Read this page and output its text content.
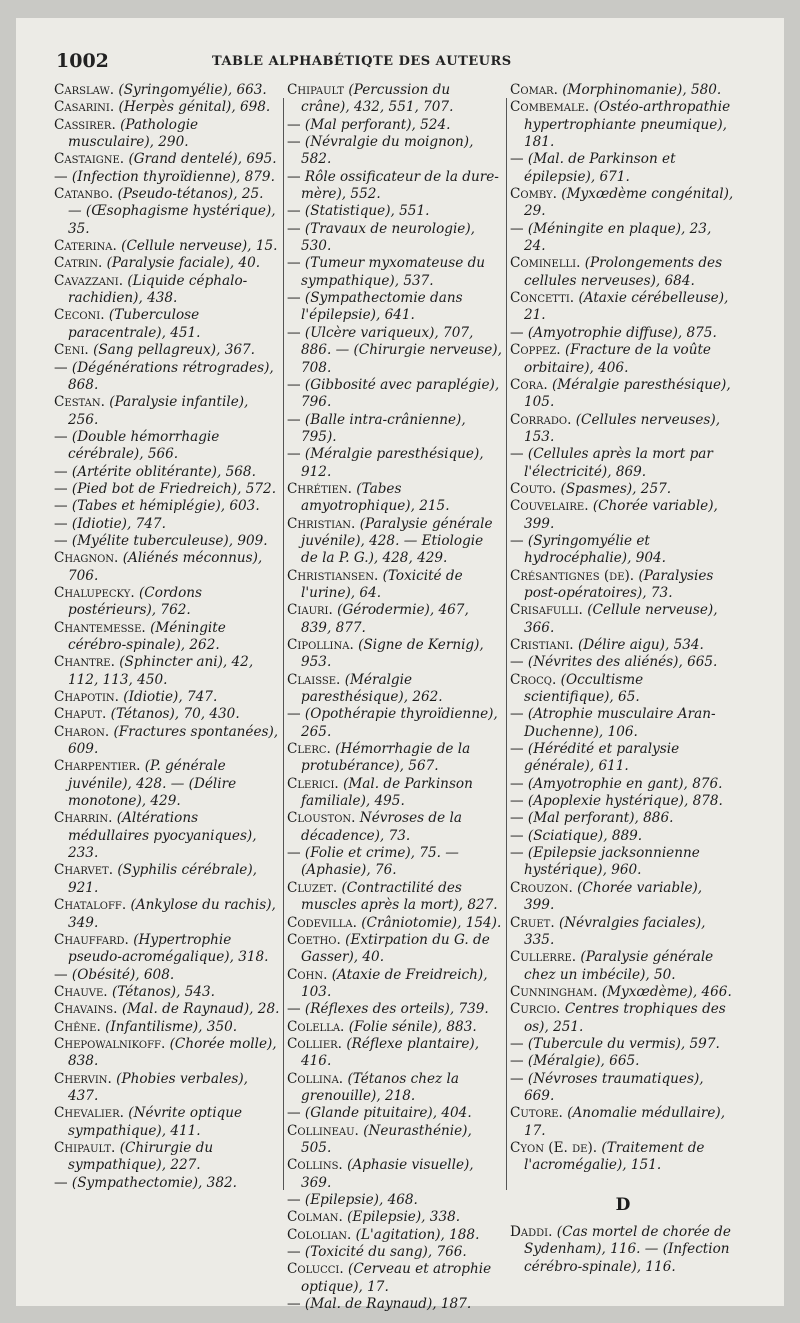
1002	TABLE ALPHABÉTIQTE DES AUTEURS

Carslaw. (Syringomyélie), 663.

Casarini. (Herpès génital), 698.

Cassirer. (Pathologie musculaire), 290.

Castaigne. (Grand dentelé), 695.

— (Infection thyroïdienne), 879.

Catanbo. (Pseudo-tétanos), 25. — (Œsophagisme hystérique), 35.

Caterina. (Cellule nerveuse), 15.

Catrin. (Paralysie faciale), 40.

Cavazzani. (Liquide céphalo-rachidien), 438.

Ceconi. (Tuberculose paracentrale), 451.

Ceni. (Sang pellagreux), 367.

— (Dégénérations rétrogrades), 868.

Cestan. (Paralysie infantile), 256.

— (Double hémorrhagie cérébrale), 566.

— (Artérite oblitérante), 568.

— (Pied bot de Friedreich), 572.

— (Tabes et hémiplégie), 603.

— (Idiotie), 747.

— (Myélite tuberculeuse), 909.

Chagnon. (Aliénés méconnus), 706.

Chalupecky. (Cordons postérieurs), 762.

Chantemesse. (Méningite cérébro-spinale), 262.

Chantre. (Sphincter ani), 42, 112, 113, 450.

Chapotin. (Idiotie), 747.

Chaput. (Tétanos), 70, 430.

Charon. (Fractures spontanées), 609.

Charpentier. (P. générale juvénile), 428. — (Délire monotone), 429.

Charrin. (Altérations médullaires pyocyaniques), 233.

Charvet. (Syphilis cérébrale), 921.

Chataloff. (Ankylose du rachis), 349.

Chauffard. (Hypertrophie pseudo-acromégalique), 318.

— (Obésité), 608.

Chauve. (Tétanos), 543.

Chavains. (Mal. de Raynaud), 28.

Chêne. (Infantilisme), 350.

Chepowalnikoff. (Chorée molle), 838.

Chervin. (Phobies verbales), 437.

Chevalier. (Névrite optique sympathique), 411.

Chipault. (Chirurgie du sympathique), 227.

— (Sympathectomie), 382.

Chipault (Percussion du crâne), 432, 551, 707.

— (Mal perforant), 524.

— (Névralgie du moignon), 582.

— Rôle ossificateur de la dure-mère), 552.

— (Statistique), 551.

— (Travaux de neurologie), 530.

— (Tumeur myxomateuse du sympathique), 537.

— (Sympathectomie dans l'épilepsie), 641.

— (Ulcère variqueux), 707, 886. — (Chirurgie nerveuse), 708.

— (Gibbosité avec paraplégie), 796.

— (Balle intra-crânienne), 795).

— (Méralgie paresthésique), 912.

Chrétien. (Tabes amyotrophique), 215.

Christian. (Paralysie générale juvénile), 428. — Etiologie de la P. G.), 428, 429.

Christiansen. (Toxicité de l'urine), 64.

Ciauri. (Gérodermie), 467, 839, 877.

Cipollina. (Signe de Kernig), 953.

Claisse. (Méralgie paresthésique), 262.

— (Opothérapie thyroïdienne), 265.

Clerc. (Hémorrhagie de la protubérance), 567.

Clerici. (Mal. de Parkinson familiale), 495.

Clouston. Névroses de la décadence), 73.

— (Folie et crime), 75. — (Aphasie), 76.

Cluzet. (Contractilité des muscles après la mort), 827.

Codevilla. (Crâniotomie), 154).

Coetho. (Extirpation du G. de Gasser), 40.

Cohn. (Ataxie de Freidreich), 103.

— (Réflexes des orteils), 739.

Colella. (Folie sénile), 883.

Collier. (Réflexe plantaire), 416.

Collina. (Tétanos chez la grenouille), 218.

— (Glande pituitaire), 404.

Collineau. (Neurasthénie), 505.

Collins. (Aphasie visuelle), 369.

— (Epilepsie), 468.

Colman. (Epilepsie), 338.

Cololian. (L'agitation), 188.

— (Toxicité du sang), 766.

Colucci. (Cerveau et atrophie optique), 17.

— (Mal. de Raynaud), 187.

Comar. (Morphinomanie), 580.

Combemale. (Ostéo-arthropathie hypertrophiante pneumique), 181.

— (Mal. de Parkinson et épilepsie), 671.

Comby. (Myxœdème congénital), 29.

— (Méningite en plaque), 23, 24.

Cominelli. (Prolongements des cellules nerveuses), 684.

Concetti. (Ataxie cérébelleuse), 21.

— (Amyotrophie diffuse), 875.

Coppez. (Fracture de la voûte orbitaire), 406.

Cora. (Méralgie paresthésique), 105.

Corrado. (Cellules nerveuses), 153.

— (Cellules après la mort par l'électricité), 869.

Couto. (Spasmes), 257.

Couvelaire. (Chorée variable), 399.

— (Syringomyélie et hydrocéphalie), 904.

Crésantignes (de). (Paralysies post-opératoires), 73.

Crisafulli. (Cellule nerveuse), 366.

Cristiani. (Délire aigu), 534.

— (Névrites des aliénés), 665.

Crocq. (Occultisme scientifique), 65.

— (Atrophie musculaire Aran-Duchenne), 106.

— (Hérédité et paralysie générale), 611.

— (Amyotrophie en gant), 876.

— (Apoplexie hystérique), 878.

— (Mal perforant), 886.

— (Sciatique), 889.

— (Epilepsie jacksonnienne hystérique), 960.

Crouzon. (Chorée variable), 399.

Cruet. (Névralgies faciales), 335.

Cullerre. (Paralysie générale chez un imbécile), 50.

Cunningham. (Myxœdème), 466.

Curcio. Centres trophiques des os), 251.

— (Tubercule du vermis), 597.

— (Méralgie), 665.

— (Névroses traumatiques), 669.

Cutore. (Anomalie médullaire), 17.

Cyon (E. de). (Traitement de l'acromégalie), 151.

D

Daddi. (Cas mortel de chorée de Sydenham), 116. — (Infection cérébro-spinale), 116.
